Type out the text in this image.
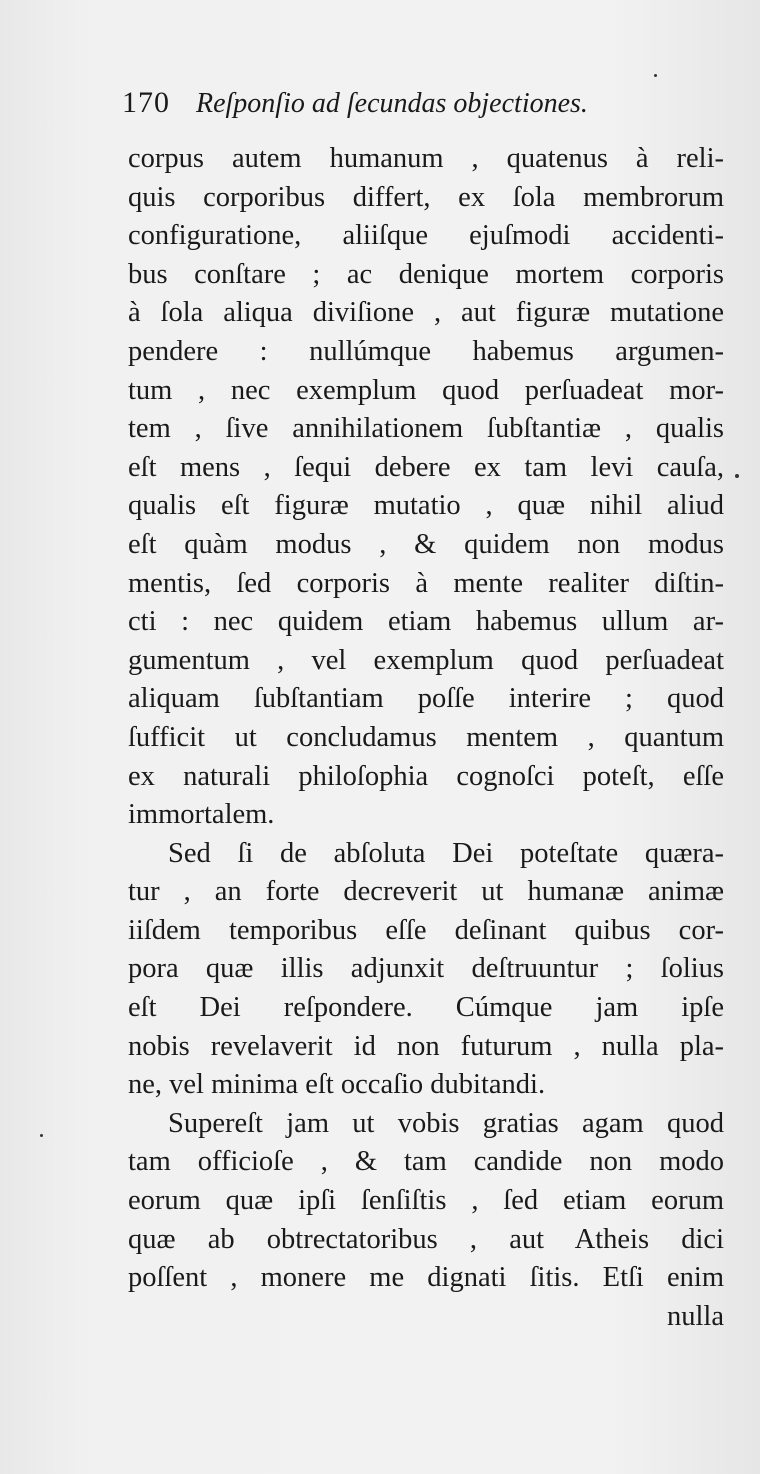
170 Reſponſio ad ſecundas objectiones.
corpus autem humanum , quatenus à reli-
quis corporibus differt, ex ſola membrorum
configuratione, aliiſque ejuſmodi accidenti-
bus conſtare ; ac denique mortem corporis
à ſola aliqua diviſione , aut figuræ mutatione
pendere : nullúmque habemus argumen-
tum , nec exemplum quod perſuadeat mor-
tem , ſive annihilationem ſubſtantiæ , qualis
eſt mens , ſequi debere ex tam levi cauſa,
qualis eſt figuræ mutatio , quæ nihil aliud
eſt quàm modus , & quidem non modus
mentis, ſed corporis à mente realiter diſtin-
cti : nec quidem etiam habemus ullum ar-
gumentum , vel exemplum quod perſuadeat
aliquam ſubſtantiam poſſe interire ; quod
ſufficit ut concludamus mentem , quantum
ex naturali philoſophia cognoſci poteſt, eſſe
immortalem.
Sed ſi de abſoluta Dei poteſtate quæra-
tur , an forte decreverit ut humanæ animæ
iiſdem temporibus eſſe deſinant quibus cor-
pora quæ illis adjunxit deſtruuntur ; ſolius
eſt Dei reſpondere. Cúmque jam ipſe
nobis revelaverit id non futurum , nulla pla-
ne, vel minima eſt occaſio dubitandi.
Supereſt jam ut vobis gratias agam quod
tam officioſe , & tam candide non modo
eorum quæ ipſi ſenſiſtis , ſed etiam eorum
quæ ab obtrectatoribus , aut Atheis dici
poſſent , monere me dignati ſitis. Etſi enim
nulla
